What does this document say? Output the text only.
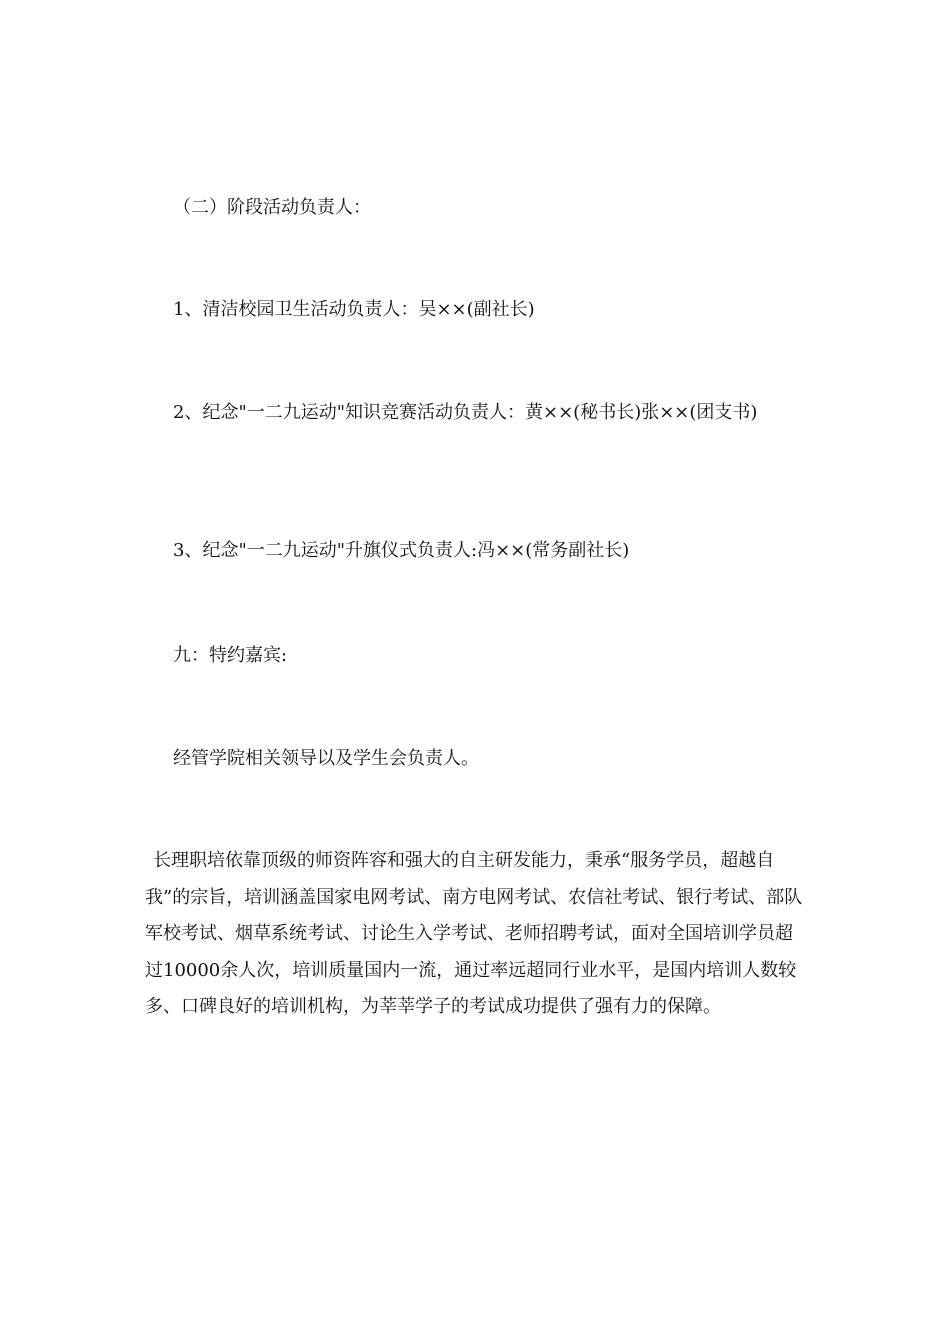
（二）阶段活动负责人：

1、清洁校园卫生活动负责人：吴××(副社长)

2、纪念"一二九运动"知识竞赛活动负责人：黄××(秘书长)张××(团支书)

3、纪念"一二九运动"升旗仪式负责人:冯××(常务副社长)

九：特约嘉宾:

经管学院相关领导以及学生会负责人。

长理职培依靠顶级的师资阵容和强大的自主研发能力，秉承“服务学员，超越自我”的宗旨，培训涵盖国家电网考试、南方电网考试、农信社考试、银行考试、部队军校考试、烟草系统考试、讨论生入学考试、老师招聘考试，面对全国培训学员超过10000余人次，培训质量国内一流，通过率远超同行业水平，是国内培训人数较多、口碑良好的培训机构，为莘莘学子的考试成功提供了强有力的保障。
